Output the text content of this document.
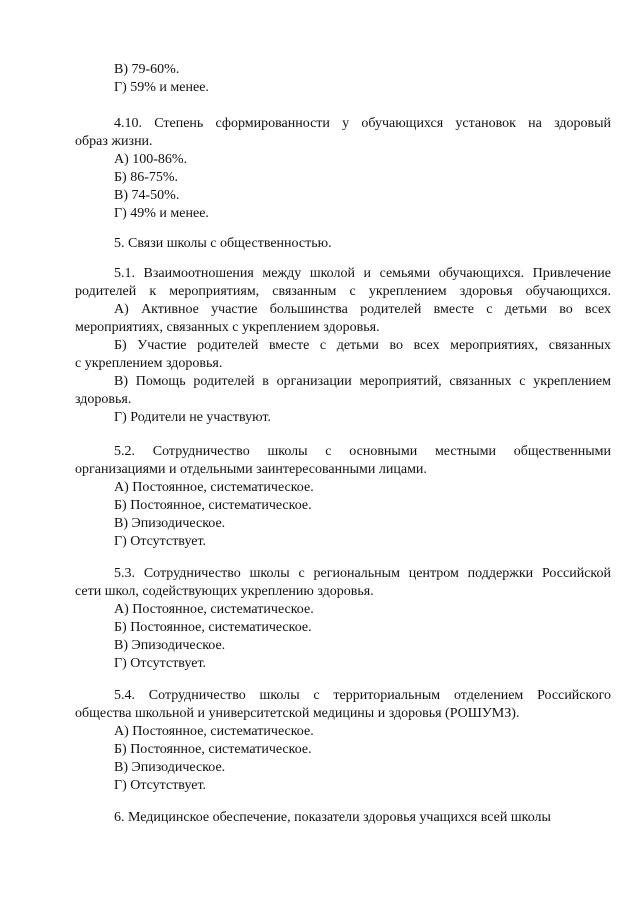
В) 79-60%.
Г) 59% и менее.
4.10. Степень сформированности у обучающихся установок на здоровый
образ жизни.
А) 100-86%.
Б) 86-75%.
В) 74-50%.
Г) 49% и менее.
5. Связи школы с общественностью.
5.1. Взаимоотношения между школой и семьями обучающихся. Привлечение
родителей к мероприятиям, связанным с укреплением здоровья обучающихся.
А) Активное участие большинства родителей вместе с детьми во всех
мероприятиях, связанных с укреплением здоровья.
Б) Участие родителей вместе с детьми во всех мероприятиях, связанных
с укреплением здоровья.
В) Помощь родителей в организации мероприятий, связанных с укреплением
здоровья.
Г) Родители не участвуют.
5.2. Сотрудничество школы с основными местными общественными
организациями и отдельными заинтересованными лицами.
А) Постоянное, систематическое.
Б) Постоянное, систематическое.
В) Эпизодическое.
Г) Отсутствует.
5.3. Сотрудничество школы с региональным центром поддержки Российской
сети школ, содействующих укреплению здоровья.
А) Постоянное, систематическое.
Б) Постоянное, систематическое.
В) Эпизодическое.
Г) Отсутствует.
5.4. Сотрудничество школы с территориальным отделением Российского
общества школьной и университетской медицины и здоровья (РОШУМЗ).
А) Постоянное, систематическое.
Б) Постоянное, систематическое.
В) Эпизодическое.
Г) Отсутствует.
6. Медицинское обеспечение, показатели здоровья учащихся всей школы
